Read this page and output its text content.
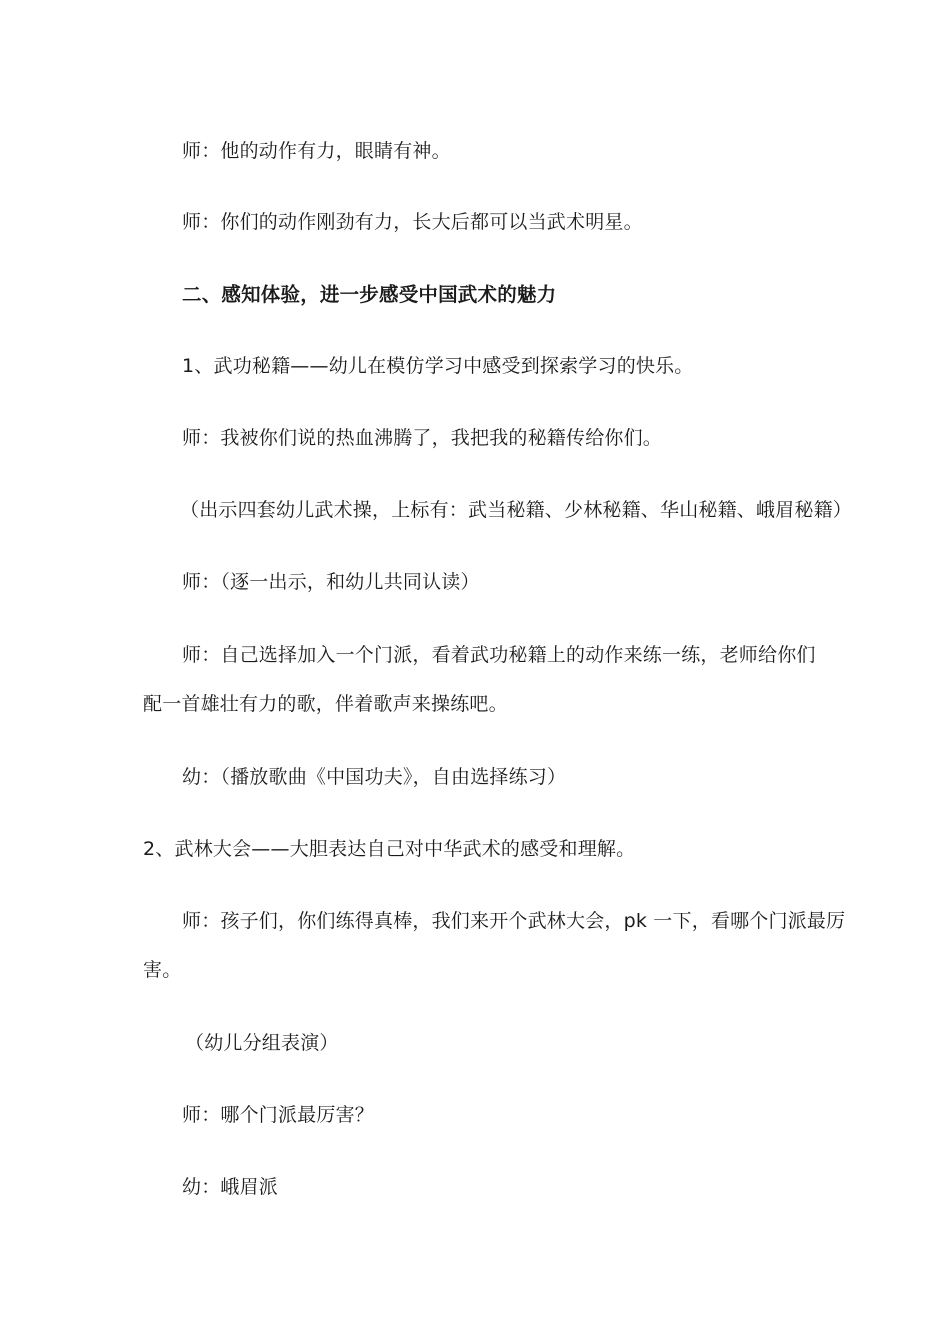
师：他的动作有力，眼睛有神。
师：你们的动作刚劲有力，长大后都可以当武术明星。
二、感知体验，进一步感受中国武术的魅力
1、武功秘籍——幼儿在模仿学习中感受到探索学习的快乐。
师：我被你们说的热血沸腾了，我把我的秘籍传给你们。
（出示四套幼儿武术操，上标有：武当秘籍、少林秘籍、华山秘籍、峨眉秘籍）
师：（逐一出示，和幼儿共同认读）
师：自己选择加入一个门派，看着武功秘籍上的动作来练一练，老师给你们
配一首雄壮有力的歌，伴着歌声来操练吧。
幼：（播放歌曲《中国功夫》，自由选择练习）
2、武林大会——大胆表达自己对中华武术的感受和理解。
师：孩子们，你们练得真棒，我们来开个武林大会，pk 一下，看哪个门派最厉
害。
（幼儿分组表演）
师：哪个门派最厉害？
幼：峨眉派
